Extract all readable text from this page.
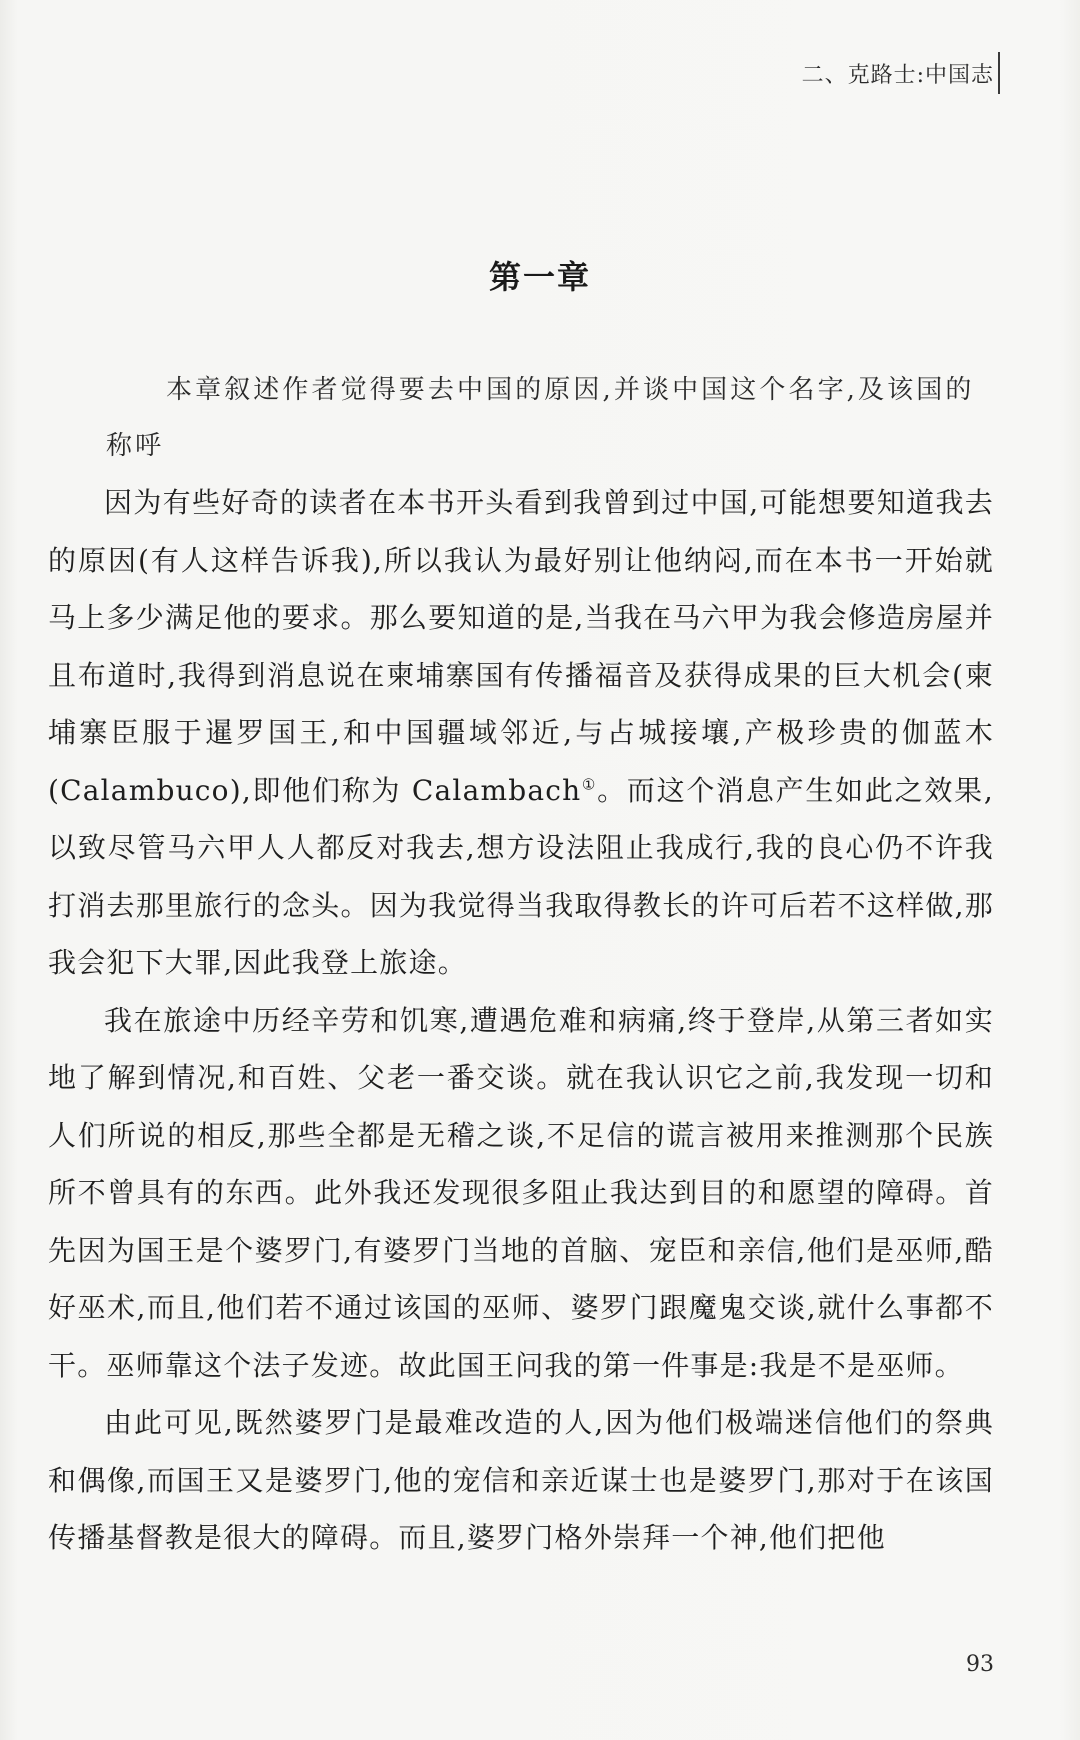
二、克路士:中国志
第一章

本章叙述作者觉得要去中国的原因,并谈中国这个名字,及该国的称呼

因为有些好奇的读者在本书开头看到我曾到过中国,可能想要知道我去的原因(有人这样告诉我),所以我认为最好别让他纳闷,而在本书一开始就马上多少满足他的要求。那么要知道的是,当我在马六甲为我会修造房屋并且布道时,我得到消息说在柬埔寨国有传播福音及获得成果的巨大机会(柬埔寨臣服于暹罗国王,和中国疆域邻近,与占城接壤,产极珍贵的伽蓝木(Calambuco),即他们称为 Calambach①。而这个消息产生如此之效果,以致尽管马六甲人人都反对我去,想方设法阻止我成行,我的良心仍不许我打消去那里旅行的念头。因为我觉得当我取得教长的许可后若不这样做,那我会犯下大罪,因此我登上旅途。

我在旅途中历经辛劳和饥寒,遭遇危难和病痛,终于登岸,从第三者如实地了解到情况,和百姓、父老一番交谈。就在我认识它之前,我发现一切和人们所说的相反,那些全都是无稽之谈,不足信的谎言被用来推测那个民族所不曾具有的东西。此外我还发现很多阻止我达到目的和愿望的障碍。首先因为国王是个婆罗门,有婆罗门当地的首脑、宠臣和亲信,他们是巫师,酷好巫术,而且,他们若不通过该国的巫师、婆罗门跟魔鬼交谈,就什么事都不干。巫师靠这个法子发迹。故此国王问我的第一件事是:我是不是巫师。

由此可见,既然婆罗门是最难改造的人,因为他们极端迷信他们的祭典和偶像,而国王又是婆罗门,他的宠信和亲近谋士也是婆罗门,那对于在该国传播基督教是很大的障碍。而且,婆罗门格外崇拜一个神,他们把他

93
